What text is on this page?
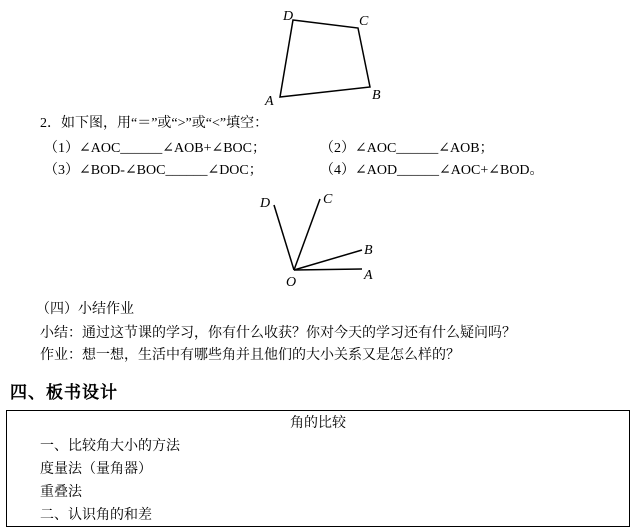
D	C
A	B
2．如下图，用“＝”或“>”或“<”填空：
（1）∠AOC______∠AOB+∠BOC；	（2）∠AOC______∠AOB；
（3）∠BOD-∠BOC______∠DOC；	（4）∠AOD______∠AOC+∠BOD。
D	C
B
O	A
（四）小结作业
小结：通过这节课的学习，你有什么收获？你对今天的学习还有什么疑问吗？
作业：想一想，生活中有哪些角并且他们的大小关系又是怎么样的？
四、板书设计
角的比较
一、比较角大小的方法
度量法（量角器）
重叠法
二、认识角的和差
